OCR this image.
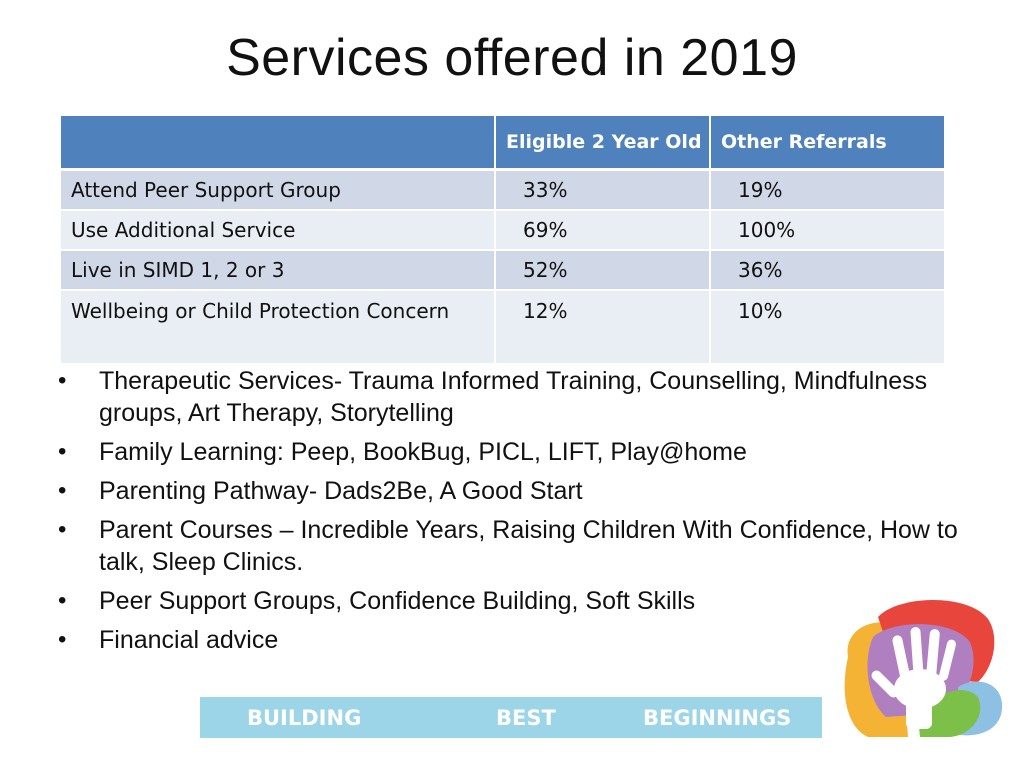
Services offered in 2019
	Eligible 2 Year Old	Other Referrals
Attend Peer Support Group	33%	19%
Use Additional Service	69%	100%
Live in SIMD 1, 2 or 3	52%	36%
Wellbeing or Child Protection Concern	12%	10%
• Therapeutic Services- Trauma Informed Training, Counselling, Mindfulness groups, Art Therapy, Storytelling
• Family Learning: Peep, BookBug, PICL, LIFT, Play@home
• Parenting Pathway- Dads2Be, A Good Start
• Parent Courses – Incredible Years, Raising Children With Confidence, How to talk, Sleep Clinics.
• Peer Support Groups, Confidence Building, Soft Skills
• Financial advice
BUILDING	BEST	BEGINNINGS
